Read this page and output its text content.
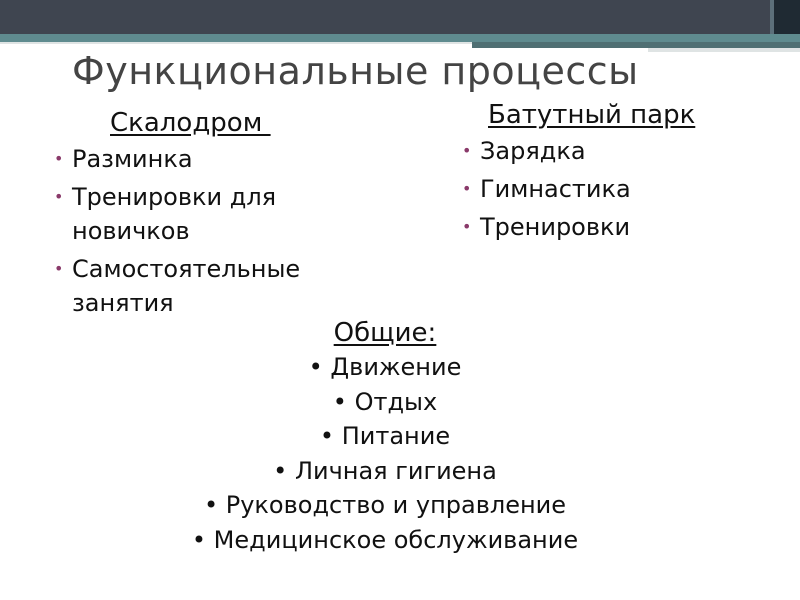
Функциональные процессы
Скалодром
• Разминка
• Тренировки для новичков
• Самостоятельные занятия
Батутный парк
• Зарядка
• Гимнастика
• Тренировки
Общие:
• Движение
• Отдых
• Питание
• Личная гигиена
• Руководство и управление
• Медицинское обслуживание
